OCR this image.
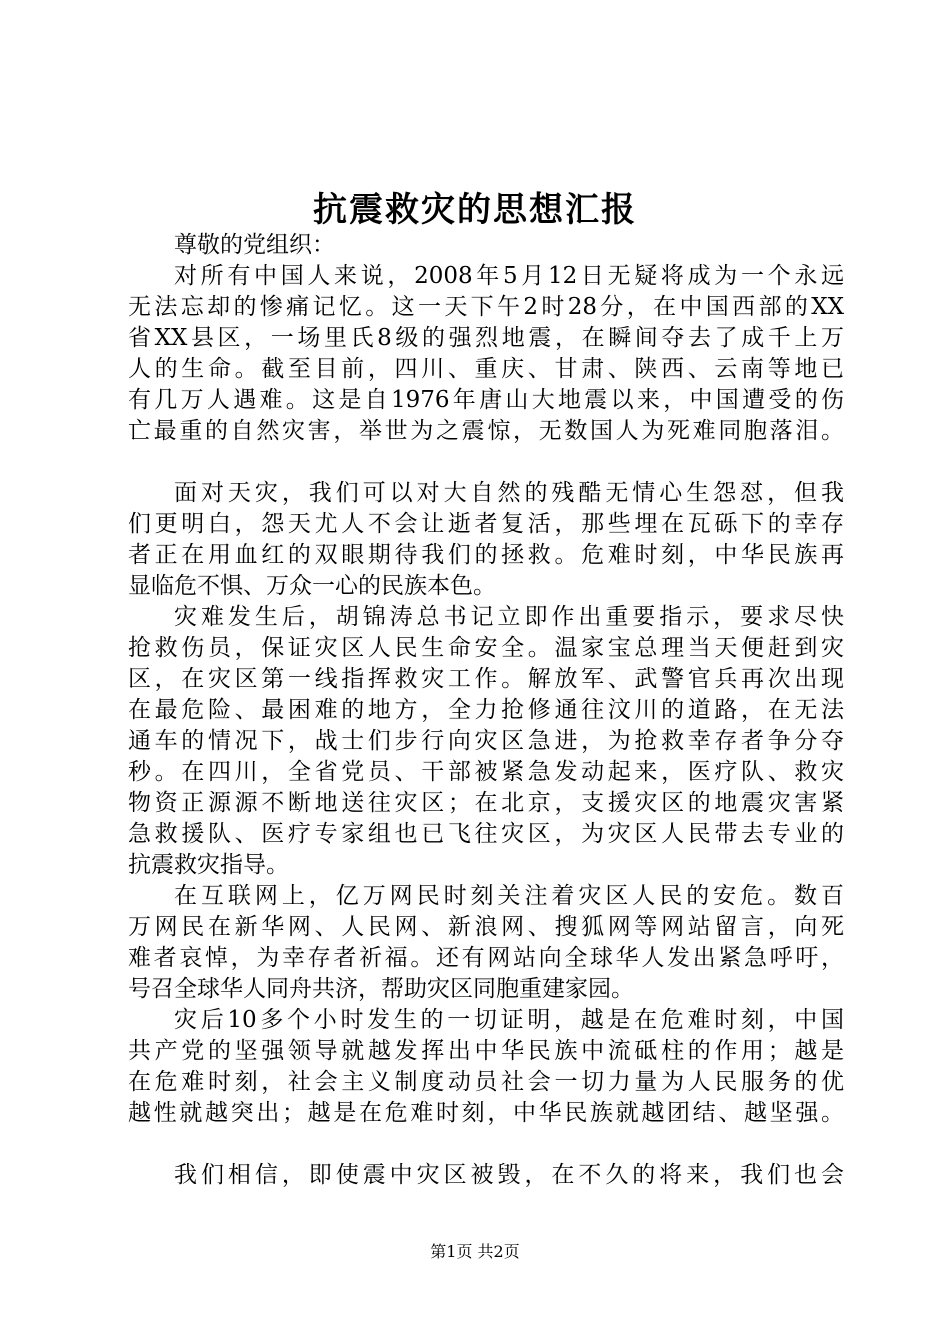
抗震救灾的思想汇报
尊敬的党组织：
对所有中国人来说，2008年5月12日无疑将成为一个永远
无法忘却的惨痛记忆。这一天下午2时28分，在中国西部的XX
省XX县区，一场里氏8级的强烈地震，在瞬间夺去了成千上万
人的生命。截至目前，四川、重庆、甘肃、陕西、云南等地已
有几万人遇难。这是自1976年唐山大地震以来，中国遭受的伤
亡最重的自然灾害，举世为之震惊，无数国人为死难同胞落泪。
面对天灾，我们可以对大自然的残酷无情心生怨怼，但我
们更明白，怨天尤人不会让逝者复活，那些埋在瓦砾下的幸存
者正在用血红的双眼期待我们的拯救。危难时刻，中华民族再
显临危不惧、万众一心的民族本色。
灾难发生后，胡锦涛总书记立即作出重要指示，要求尽快
抢救伤员，保证灾区人民生命安全。温家宝总理当天便赶到灾
区，在灾区第一线指挥救灾工作。解放军、武警官兵再次出现
在最危险、最困难的地方，全力抢修通往汶川的道路，在无法
通车的情况下，战士们步行向灾区急进，为抢救幸存者争分夺
秒。在四川，全省党员、干部被紧急发动起来，医疗队、救灾
物资正源源不断地送往灾区；在北京，支援灾区的地震灾害紧
急救援队、医疗专家组也已飞往灾区，为灾区人民带去专业的
抗震救灾指导。
在互联网上，亿万网民时刻关注着灾区人民的安危。数百
万网民在新华网、人民网、新浪网、搜狐网等网站留言，向死
难者哀悼，为幸存者祈福。还有网站向全球华人发出紧急呼吁，
号召全球华人同舟共济，帮助灾区同胞重建家园。
灾后10多个小时发生的一切证明，越是在危难时刻，中国
共产党的坚强领导就越发挥出中华民族中流砥柱的作用；越是
在危难时刻，社会主义制度动员社会一切力量为人民服务的优
越性就越突出；越是在危难时刻，中华民族就越团结、越坚强。
我们相信，即使震中灾区被毁，在不久的将来，我们也会
第1页 共2页
